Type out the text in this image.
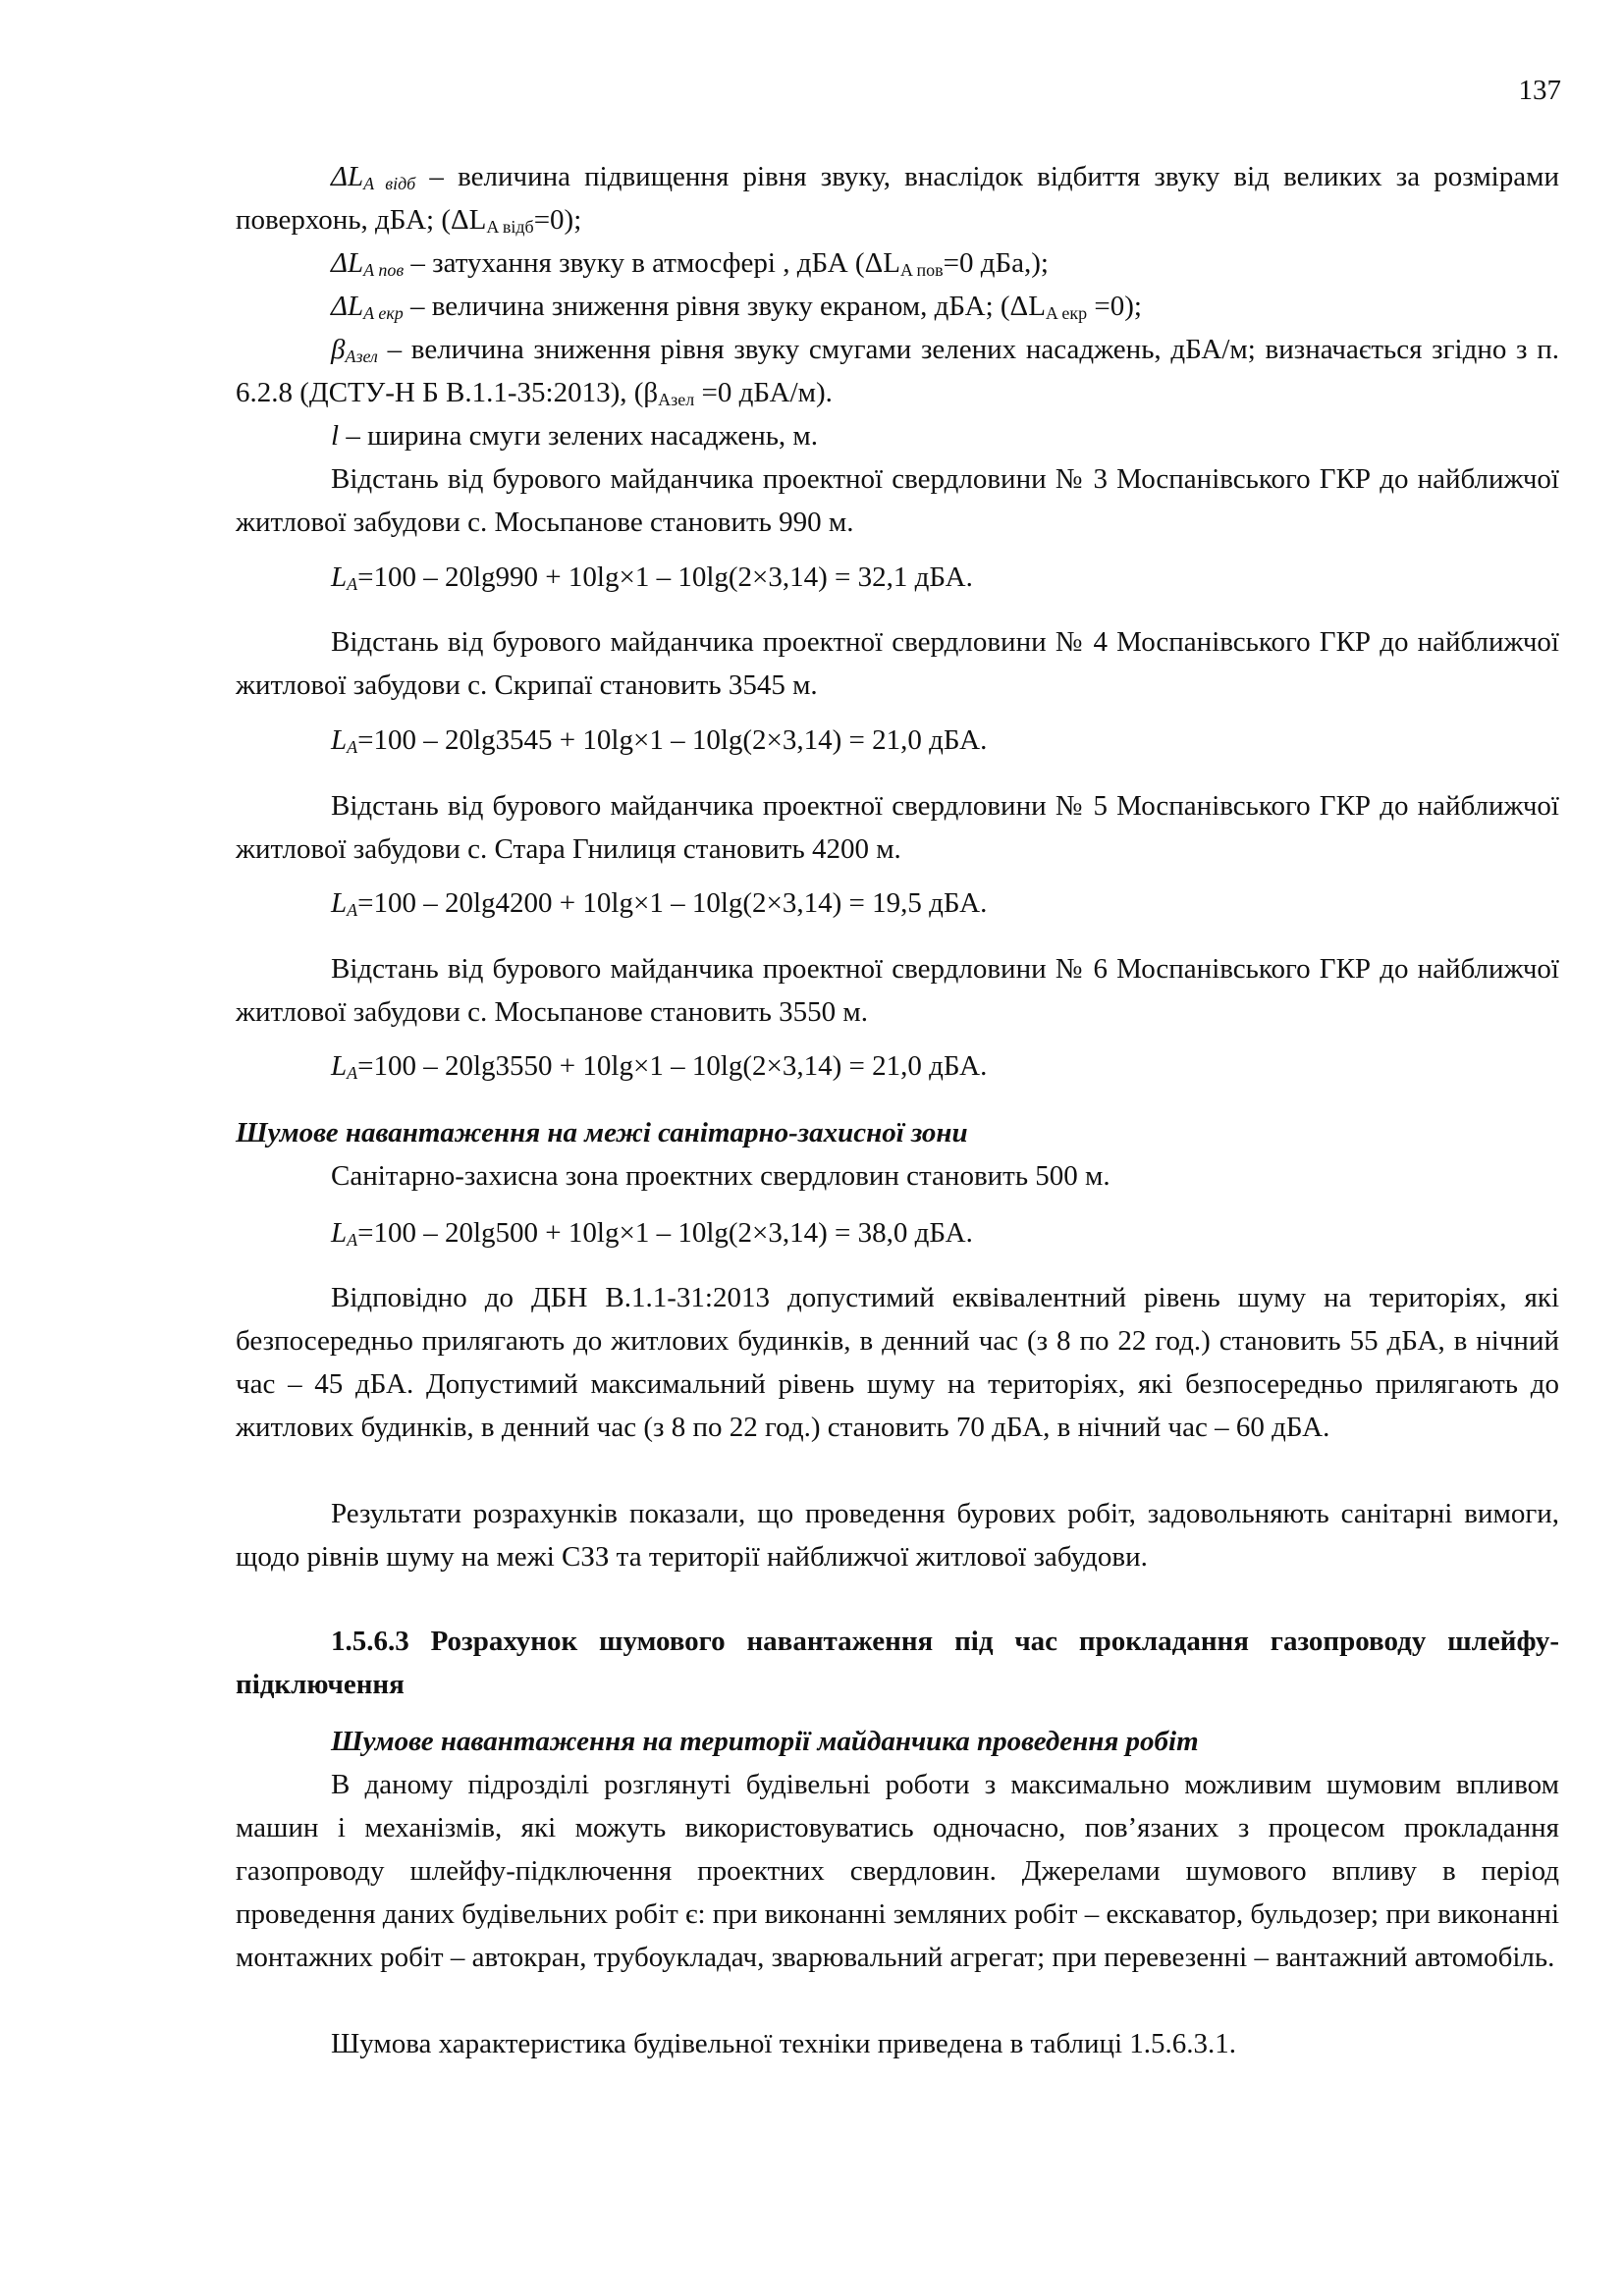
137

$\Delta L_{A відб}$ – величина підвищення рівня звуку, внаслідок відбиття звуку від великих за розмірами поверхонь, дБА; $(\Delta L_{A відб}=0)$;

$\Delta L_{A пов}$ – затухання звуку в атмосфері , дБА ($\Delta L_{A пов}=0$ дБа,);

$\Delta L_{A екр}$ – величина зниження рівня звуку екраном, дБА; $(\Delta L_{A екр} =0)$;

$\beta_{Азел}$ – величина зниження рівня звуку смугами зелених насаджень, дБА/м; визначається згідно з п. 6.2.8 (ДСТУ-Н Б В.1.1-35:2013), ($\beta_{Азел} =0$ дБА/м).

l – ширина смуги зелених насаджень, м.

Відстань від бурового майданчика проектної свердловини № 3 Моспанівського ГКР до найближчої житлової забудови с. Мосьпанове становить 990 м.

$L_A=100 - 20\lg 990 + 10\lg\times 1 - 10\lg(2\times 3,14) = 32,1$ дБА.

Відстань від бурового майданчика проектної свердловини № 4 Моспанівського ГКР до найближчої житлової забудови с. Скрипаї становить 3545 м.

$L_A=100 - 20\lg 3545 + 10\lg\times 1 - 10\lg(2\times 3,14) = 21,0$ дБА.

Відстань від бурового майданчика проектної свердловини № 5 Моспанівського ГКР до найближчої житлової забудови с. Стара Гнилиця становить 4200 м.

$L_A=100 - 20\lg 4200 + 10\lg\times 1 - 10\lg(2\times 3,14) = 19,5$ дБА.

Відстань від бурового майданчика проектної свердловини № 6 Моспанівського ГКР до найближчої житлової забудови с. Мосьпанове становить 3550 м.

$L_A=100 - 20\lg 3550 + 10\lg\times 1 - 10\lg(2\times 3,14) = 21,0$ дБА.

Шумове навантаження на межі санітарно-захисної зони

Санітарно-захисна зона проектних свердловин становить 500 м.

$L_A=100 - 20\lg 500 + 10\lg\times 1 - 10\lg(2\times 3,14) = 38,0$ дБА.

Відповідно до ДБН В.1.1-31:2013 допустимий еквівалентний рівень шуму на територіях, які безпосередньо прилягають до житлових будинків, в денний час (з 8 по 22 год.) становить 55 дБА, в нічний час – 45 дБА. Допустимий максимальний рівень шуму на територіях, які безпосередньо прилягають до житлових будинків, в денний час (з 8 по 22 год.) становить 70 дБА, в нічний час – 60 дБА.

Результати розрахунків показали, що проведення бурових робіт, задовольняють санітарні вимоги, щодо рівнів шуму на межі СЗЗ та території найближчої житлової забудови.

1.5.6.3 Розрахунок шумового навантаження під час прокладання газопроводу шлейфу-підключення

Шумове навантаження на території майданчика проведення робіт

В даному підрозділі розглянуті будівельні роботи з максимально можливим шумовим впливом машин і механізмів, які можуть використовуватись одночасно, пов’язаних з процесом прокладання газопроводу шлейфу-підключення проектних свердловин. Джерелами шумового впливу в період проведення даних будівельних робіт є: при виконанні земляних робіт – екскаватор, бульдозер; при виконанні монтажних робіт – автокран, трубоукладач, зварювальний агрегат; при перевезенні – вантажний автомобіль.

Шумова характеристика будівельної техніки приведена в таблиці 1.5.6.3.1.
